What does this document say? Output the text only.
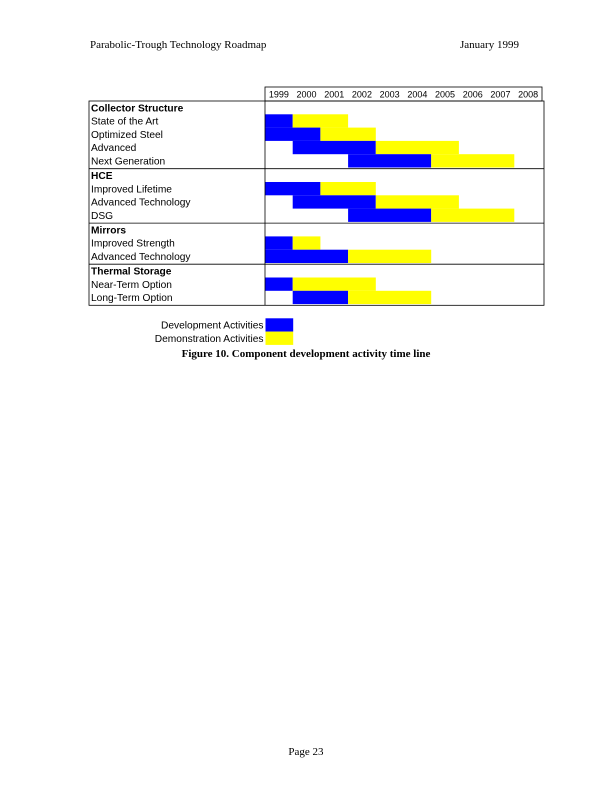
Parabolic-Trough Technology Roadmap	January 1999
1999 2000 2001 2002 2003 2004 2005 2006 2007 2008
Collector Structure
State of the Art
Optimized Steel
Advanced
Next Generation
HCE
Improved Lifetime
Advanced Technology
DSG
Mirrors
Improved Strength
Advanced Technology
Thermal Storage
Near-Term Option
Long-Term Option
Development Activities
Demonstration Activities
Figure 10. Component development activity time line
Page 23
